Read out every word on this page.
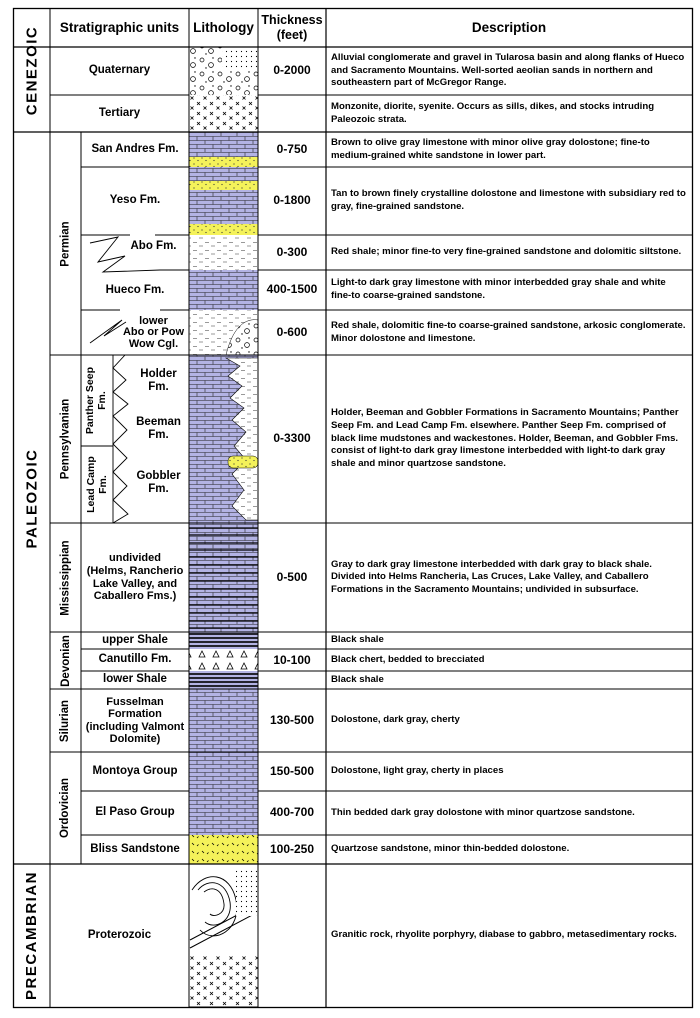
Stratigraphic units	Lithology Thickness
(feet)	Description
CENEZOIC
PALEOZOIC
PRECAMBRIAN
Permian
Pennsylvanian
Mississippian
Devonian
Silurian
Ordovician
Panther Seep
Fm.
Lead Camp
Fm.
Quaternary
Tertiary
San Andres Fm.
Yeso Fm.
Abo Fm.
Hueco Fm.
lower
Abo or Pow
Wow Cgl.
undivided
(Helms, Rancherio
Lake Valley, and
Caballero Fms.)
upper Shale
Canutillo Fm.
lower Shale
Fusselman
Formation
(including Valmont
Dolomite)
Montoya Group
El Paso Group
Bliss Sandstone
Proterozoic
Holder
Fm.
Beeman
Fm.
Gobbler
Fm.
0-2000
0-750
0-1800
0-300
400-1500
0-600
0-3300
0-500
10-100
130-500
150-500
400-700
100-250
Alluvial conglomerate and gravel in Tularosa basin and along flanks of Hueco and Sacramento Mountains. Well-sorted aeolian sands in northern and southeastern part of McGregor Range.
Monzonite, diorite, syenite. Occurs as sills, dikes, and stocks intruding Paleozoic strata.
Brown to olive gray limestone with minor olive gray dolostone; fine-to medium-grained white sandstone in lower part.
Tan to brown finely crystalline dolostone and limestone with subsidiary red to gray, fine-grained sandstone.
Red shale; minor fine-to very fine-grained sandstone and dolomitic siltstone.
Light-to dark gray limestone with minor interbedded gray shale and white fine-to coarse-grained sandstone.
Red shale, dolomitic fine-to coarse-grained sandstone, arkosic conglomerate. Minor dolostone and limestone.
Holder, Beeman and Gobbler Formations in Sacramento Mountains; Panther Seep Fm. and Lead Camp Fm. elsewhere. Panther Seep Fm. comprised of black lime mudstones and wackestones. Holder, Beeman, and Gobbler Fms. consist of light-to dark gray limestone interbedded with light-to dark gray shale and minor quartzose sandstone.
Gray to dark gray limestone interbedded with dark gray to black shale. Divided into Helms Rancheria, Las Cruces, Lake Valley, and Caballero Formations in the Sacramento Mountains; undivided in subsurface.
Black shale
Black chert, bedded to brecciated
Black shale
Dolostone, dark gray, cherty
Dolostone, light gray, cherty in places
Thin bedded dark gray dolostone with minor quartzose sandstone.
Quartzose sandstone, minor thin-bedded dolostone.
Granitic rock, rhyolite porphyry, diabase to gabbro, metasedimentary rocks.
